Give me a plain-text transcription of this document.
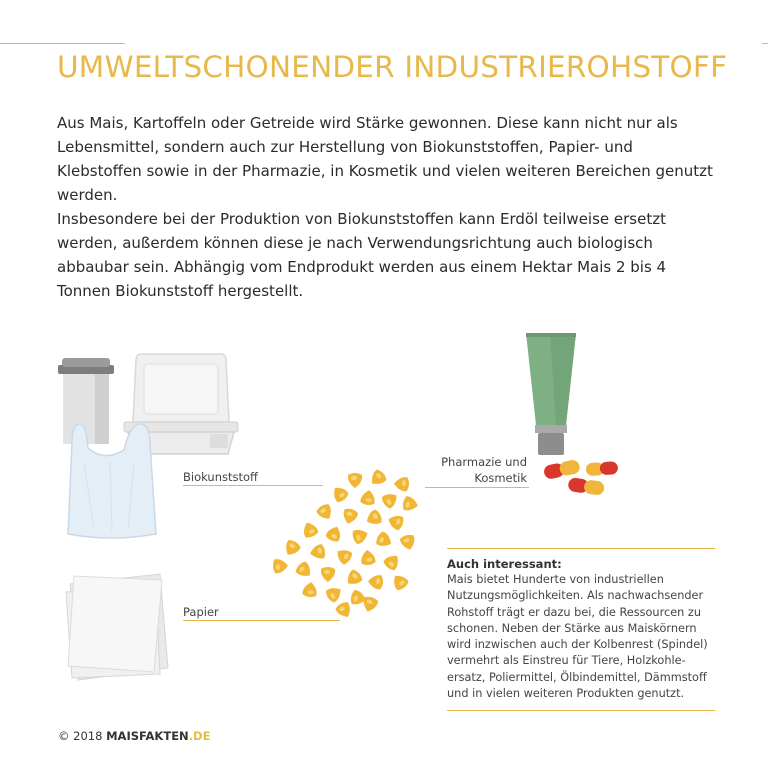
UMWELTSCHONENDER INDUSTRIEROHSTOFF

Aus Mais, Kartoffeln oder Getreide wird Stärke gewonnen. Diese kann nicht nur als Lebensmittel, sondern auch zur Herstellung von Biokunststoffen, Papier- und Klebstoffen sowie in der Pharmazie, in Kosmetik und vielen weiteren Bereichen genutzt werden.

Insbesondere bei der Produktion von Biokunststoffen kann Erdöl teilweise ersetzt werden, außerdem können diese je nach Verwendungsrichtung auch biologisch abbaubar sein. Abhängig vom Endprodukt werden aus einem Hektar Mais 2 bis 4 Tonnen Biokunststoff hergestellt.

Biokunststoff
Papier
Pharmazie und
Kosmetik

Auch interessant:

Mais bietet Hunderte von industriellen Nutzungsmöglichkeiten. Als nachwachsender Rohstoff trägt er dazu bei, die Ressourcen zu schonen. Neben der Stärke aus Maiskörnern wird inzwischen auch der Kolbenrest (Spindel) vermehrt als Einstreu für Tiere, Holzkohle-ersatz, Poliermittel, Ölbindemittel, Dämmstoff und in vielen weiteren Produkten genutzt.

© 2018 MAISFAKTEN.DE
